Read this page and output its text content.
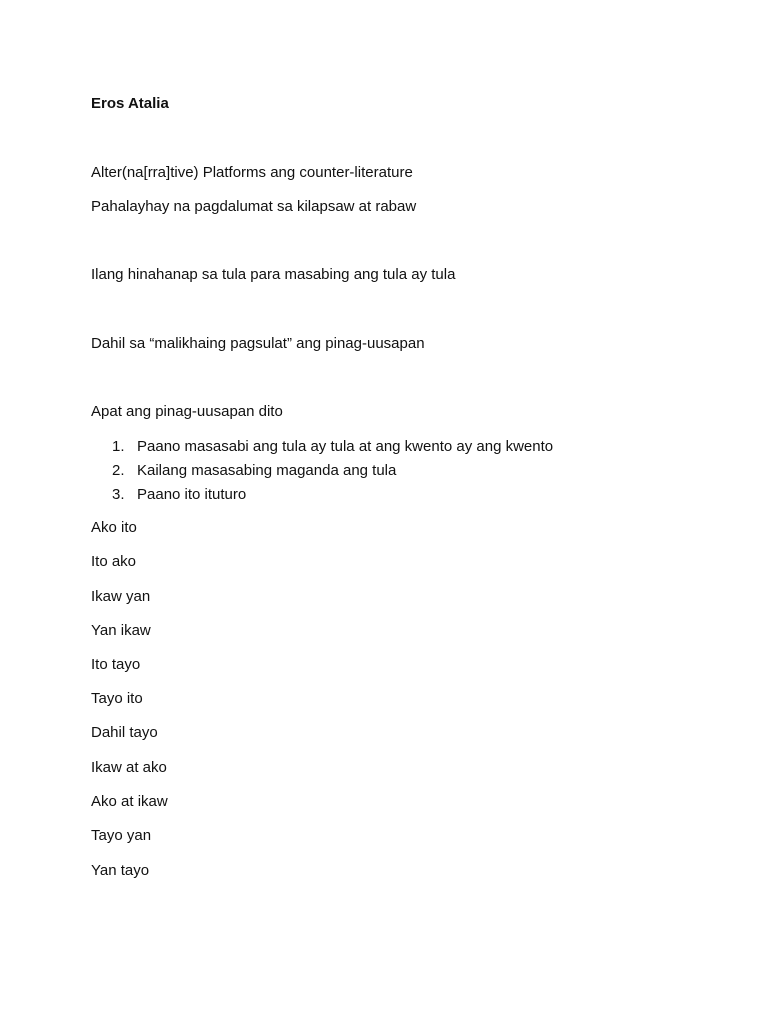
Eros Atalia
Alter(na[rra]tive) Platforms ang counter-literature
Pahalayhay na pagdalumat sa kilapsaw at rabaw
Ilang hinahanap sa tula para masabing ang tula ay tula
Dahil sa “malikhaing pagsulat” ang pinag-uusapan
Apat ang pinag-uusapan dito
1. Paano masasabi ang tula ay tula at ang kwento ay ang kwento
2. Kailang masasabing maganda ang tula
3. Paano ito ituturo
Ako ito
Ito ako
Ikaw yan
Yan ikaw
Ito tayo
Tayo ito
Dahil tayo
Ikaw at ako
Ako at ikaw
Tayo yan
Yan tayo
